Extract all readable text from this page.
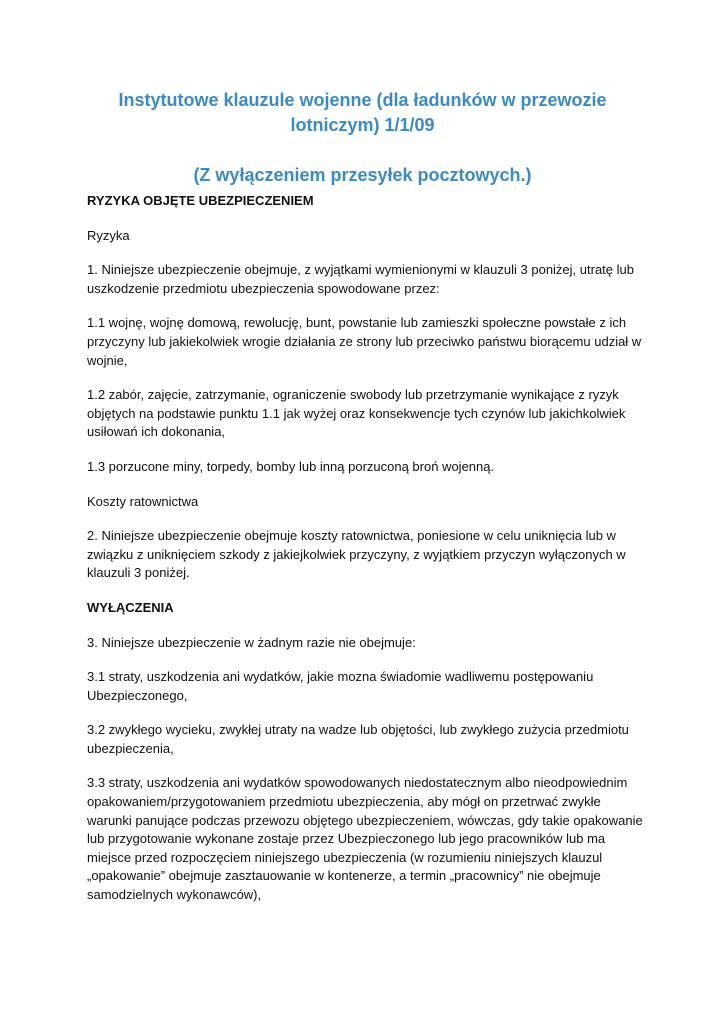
Instytutowe klauzule wojenne (dla ładunków w przewozie
lotniczym) 1/1/09
(Z wyłączeniem przesyłek pocztowych.)

RYZYKA OBJĘTE UBEZPIECZENIEM

Ryzyka

1. Niniejsze ubezpieczenie obejmuje, z wyjątkami wymienionymi w klauzuli 3 poniżej, utratę lub uszkodzenie przedmiotu ubezpieczenia spowodowane przez:

1.1 wojnę, wojnę domową, rewolucję, bunt, powstanie lub zamieszki społeczne powstałe z ich przyczyny lub jakiekolwiek wrogie działania ze strony lub przeciwko państwu biorącemu udział w wojnie,

1.2 zabór, zajęcie, zatrzymanie, ograniczenie swobody lub przetrzymanie wynikające z ryzyk objętych na podstawie punktu 1.1 jak wyżej oraz konsekwencje tych czynów lub jakichkolwiek usiłowań ich dokonania,

1.3 porzucone miny, torpedy, bomby lub inną porzuconą broń wojenną.

Koszty ratownictwa

2. Niniejsze ubezpieczenie obejmuje koszty ratownictwa, poniesione w celu uniknięcia lub w związku z uniknięciem szkody z jakiejkolwiek przyczyny, z wyjątkiem przyczyn wyłączonych w klauzuli 3 poniżej.

WYŁĄCZENIA

3. Niniejsze ubezpieczenie w żadnym razie nie obejmuje:

3.1 straty, uszkodzenia ani wydatków, jakie mozna świadomie wadliwemu postępowaniu Ubezpieczonego,

3.2 zwykłego wycieku, zwykłej utraty na wadze lub objętości, lub zwykłego zużycia przedmiotu ubezpieczenia,

3.3 straty, uszkodzenia ani wydatków spowodowanych niedostatecznym albo nieodpowiednim opakowaniem/przygotowaniem przedmiotu ubezpieczenia, aby mógł on przetrwać zwykłe warunki panujące podczas przewozu objętego ubezpieczeniem, wówczas, gdy takie opakowanie lub przygotowanie wykonane zostaje przez Ubezpieczonego lub jego pracowników lub ma miejsce przed rozpoczęciem niniejszego ubezpieczenia (w rozumieniu niniejszych klauzul „opakowanie” obejmuje zasztauowanie w kontenerze, a termin „pracownicy” nie obejmuje samodzielnych wykonawców),
